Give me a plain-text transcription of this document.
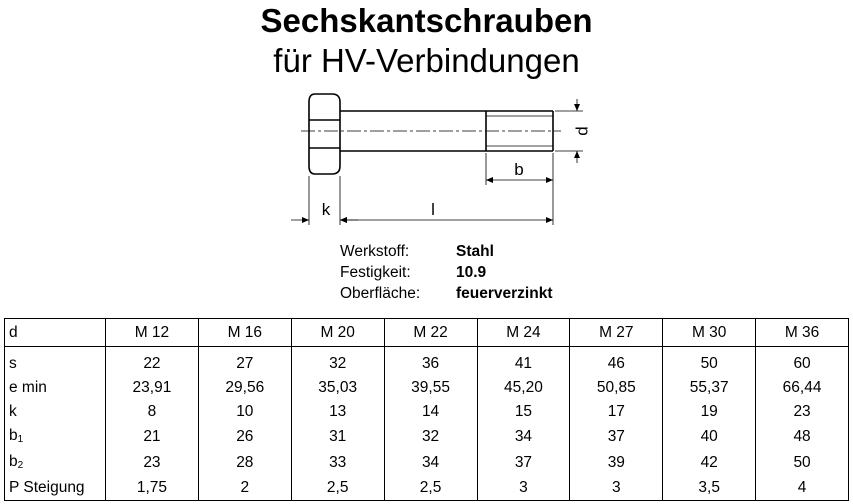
Sechskantschrauben
für HV-Verbindungen
d
b
k	l
Werkstoff:	Stahl
Festigkeit:	10.9
Oberfläche:	feuerverzinkt
d	M 12	M 16	M 20	M 22	M 24	M 27	M 30	M 36

s	22	27	32	36	41	46	50	60
e min	23,91	29,56	35,03	39,55	45,20	50,85	55,37	66,44
k	8	10	13	14	15	17	19	23
$b_1$	21	26	31	32	34	37	40	48
$b_2$	23	28	33	34	37	39	42	50
P Steigung	1,75	2	2,5	2,5	3	3	3,5	4
